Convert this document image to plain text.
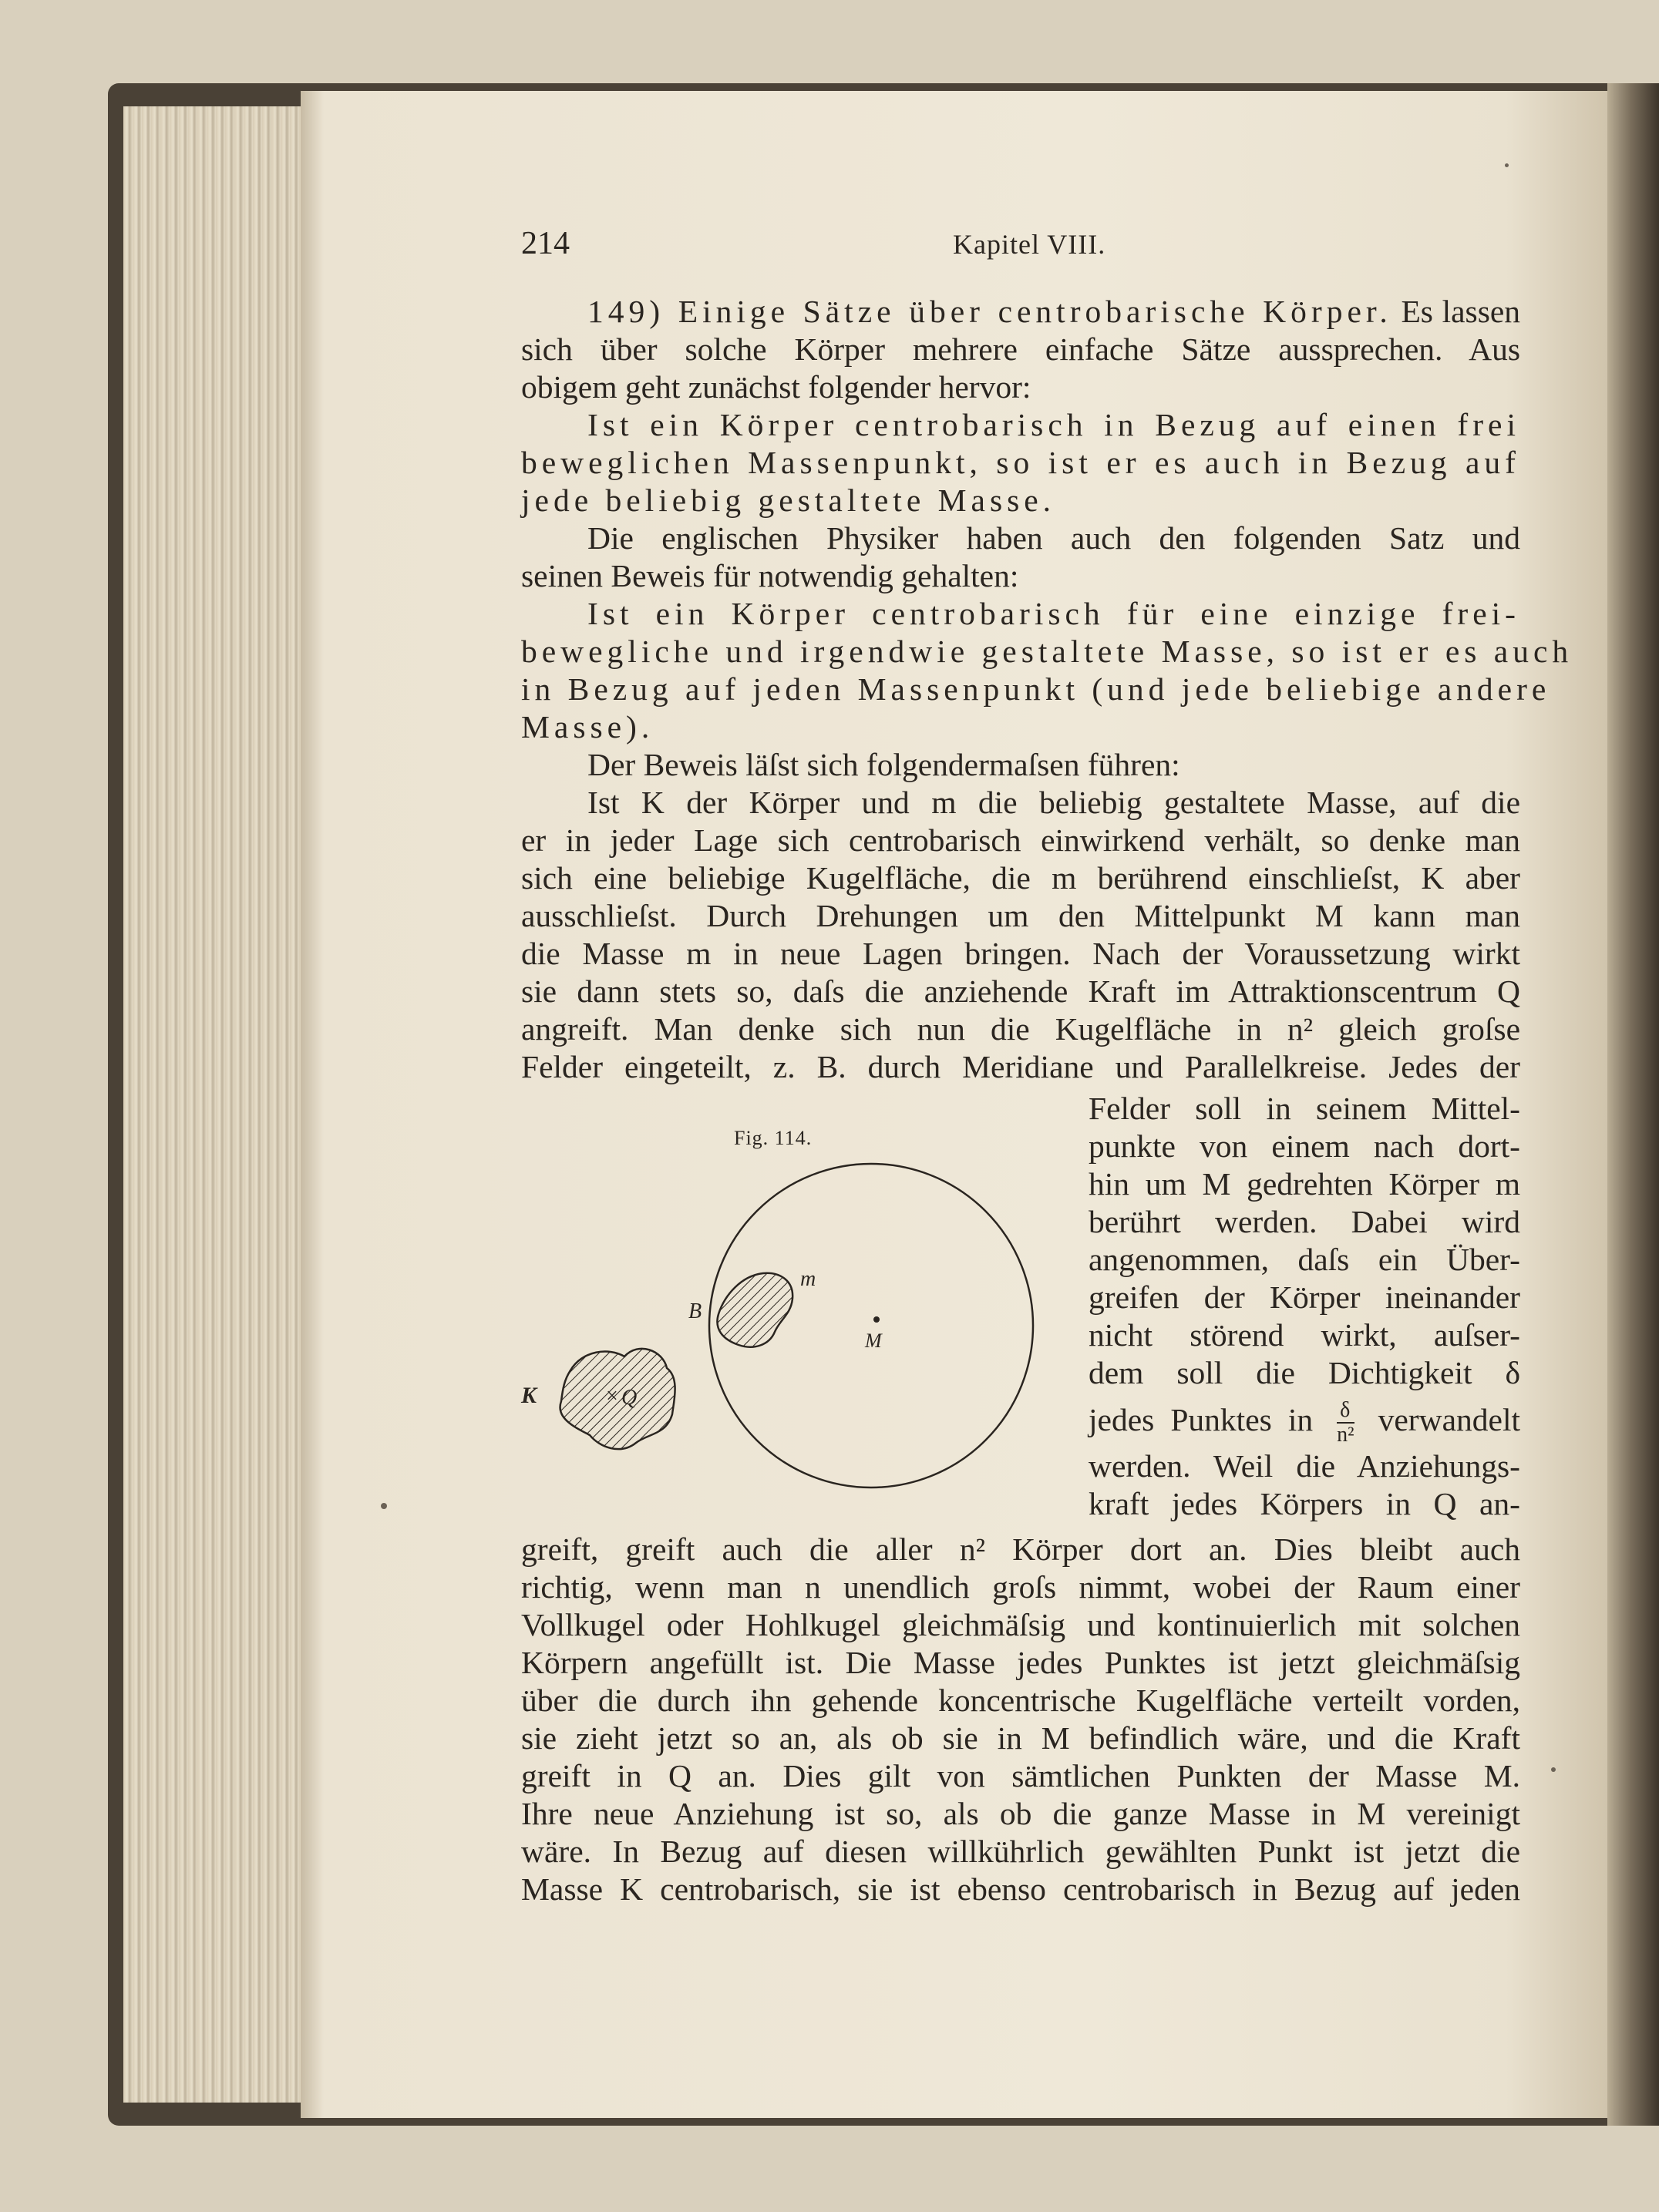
214	Kapitel VIII.
149) Einige Sätze über centrobarische Körper. Es lassen
sich über solche Körper mehrere einfache Sätze aussprechen. Aus
obigem geht zunächst folgender hervor:
Ist ein Körper centrobarisch in Bezug auf einen frei
beweglichen Massenpunkt, so ist er es auch in Bezug auf
jede beliebig gestaltete Masse.
Die englischen Physiker haben auch den folgenden Satz und
seinen Beweis für notwendig gehalten:
Ist ein Körper centrobarisch für eine einzige frei-
bewegliche und irgendwie gestaltete Masse, so ist er es auch
in Bezug auf jeden Massenpunkt (und jede beliebige andere
Masse).
Der Beweis läſst sich folgendermaſsen führen:
Ist K der Körper und m die beliebig gestaltete Masse, auf die
er in jeder Lage sich centrobarisch einwirkend verhält, so denke man
sich eine beliebige Kugelfläche, die m berührend einschlieſst, K aber
ausschlieſst. Durch Drehungen um den Mittelpunkt M kann man
die Masse m in neue Lagen bringen. Nach der Voraussetzung wirkt
sie dann stets so, daſs die anziehende Kraft im Attraktionscentrum Q
angreift. Man denke sich nun die Kugelfläche in n² gleich groſse
Felder eingeteilt, z. B. durch Meridiane und Parallelkreise. Jedes der
Felder soll in seinem Mittel-
punkte von einem nach dort-
hin um M gedrehten Körper m
berührt werden. Dabei wird
angenommen, daſs ein Über-
greifen der Körper ineinander
nicht störend wirkt, auſser-
dem soll die Dichtigkeit δ
jedes Punktes in $\frac{\delta}{\text{n²}}$ verwandelt
werden. Weil die Anziehungs-
kraft jedes Körpers in Q an-
greift, greift auch die aller n² Körper dort an. Dies bleibt auch
richtig, wenn man n unendlich groſs nimmt, wobei der Raum einer
Vollkugel oder Hohlkugel gleichmäſsig und kontinuierlich mit solchen
Körpern angefüllt ist. Die Masse jedes Punktes ist jetzt gleichmäſsig
über die durch ihn gehende koncentrische Kugelfläche verteilt vorden,
sie zieht jetzt so an, als ob sie in M befindlich wäre, und die Kraft
greift in Q an. Dies gilt von sämtlichen Punkten der Masse M.
Ihre neue Anziehung ist so, als ob die ganze Masse in M vereinigt
wäre. In Bezug auf diesen willkührlich gewählten Punkt ist jetzt die
Masse K centrobarisch, sie ist ebenso centrobarisch in Bezug auf jeden
Fig. 114.
B
m
M
K	× Q
